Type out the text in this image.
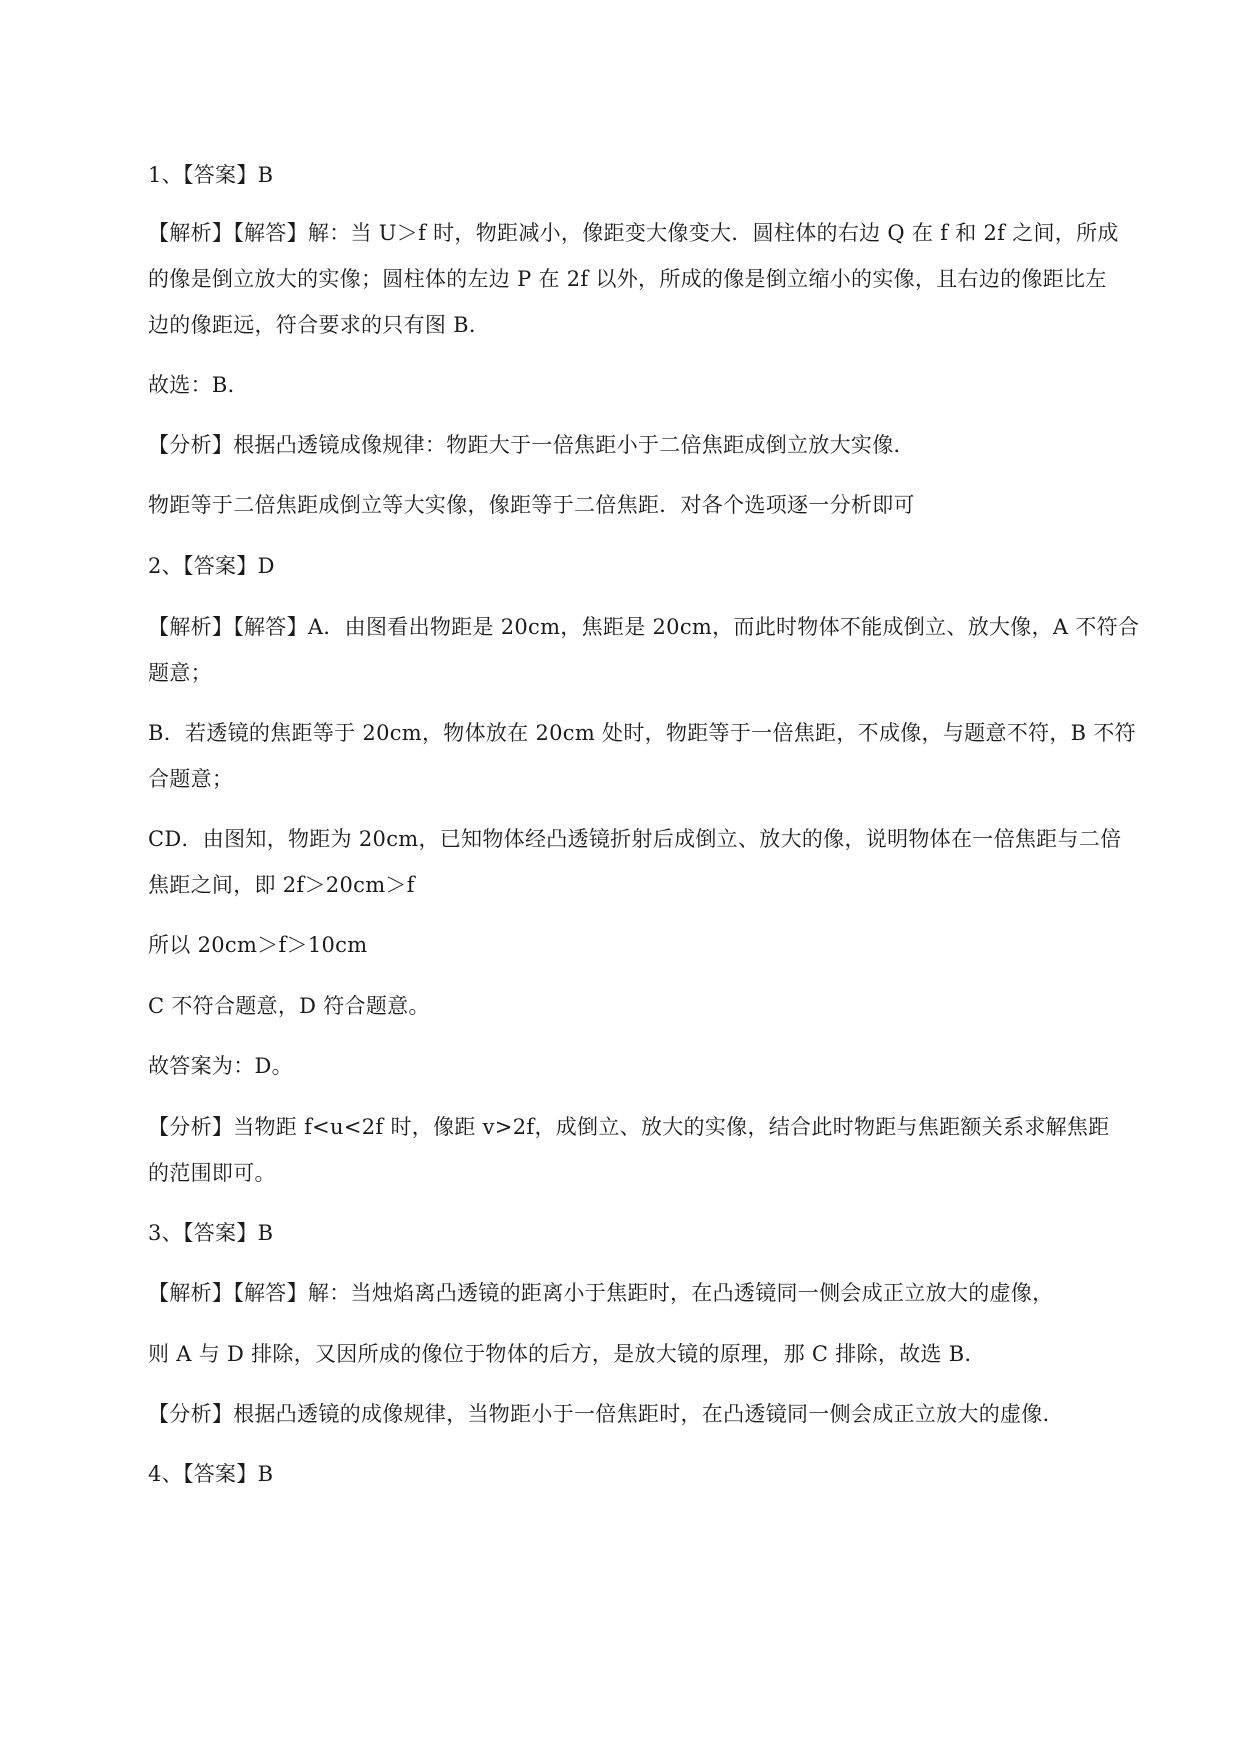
1、【答案】B
【解析】【解答】解：当 U＞f 时，物距减小，像距变大像变大．圆柱体的右边 Q 在 f 和 2f 之间，所成
的像是倒立放大的实像；圆柱体的左边 P 在 2f 以外，所成的像是倒立缩小的实像，且右边的像距比左
边的像距远，符合要求的只有图 B．
故选：B．
【分析】根据凸透镜成像规律：物距大于一倍焦距小于二倍焦距成倒立放大实像．
物距等于二倍焦距成倒立等大实像，像距等于二倍焦距．对各个选项逐一分析即可
2、【答案】D
【解析】【解答】A．由图看出物距是 20cm，焦距是 20cm，而此时物体不能成倒立、放大像，A 不符合
题意；
B．若透镜的焦距等于 20cm，物体放在 20cm 处时，物距等于一倍焦距，不成像，与题意不符，B 不符
合题意；
CD．由图知，物距为 20cm，已知物体经凸透镜折射后成倒立、放大的像，说明物体在一倍焦距与二倍
焦距之间，即 2f＞20cm＞f
所以 20cm＞f＞10cm
C 不符合题意，D 符合题意。
故答案为：D。
【分析】当物距 f<u<2f 时，像距 v>2f，成倒立、放大的实像，结合此时物距与焦距额关系求解焦距
的范围即可。
3、【答案】B
【解析】【解答】解：当烛焰离凸透镜的距离小于焦距时，在凸透镜同一侧会成正立放大的虚像，
则 A 与 D 排除，又因所成的像位于物体的后方，是放大镜的原理，那 C 排除，故选 B.
【分析】根据凸透镜的成像规律，当物距小于一倍焦距时，在凸透镜同一侧会成正立放大的虚像．
4、【答案】B
